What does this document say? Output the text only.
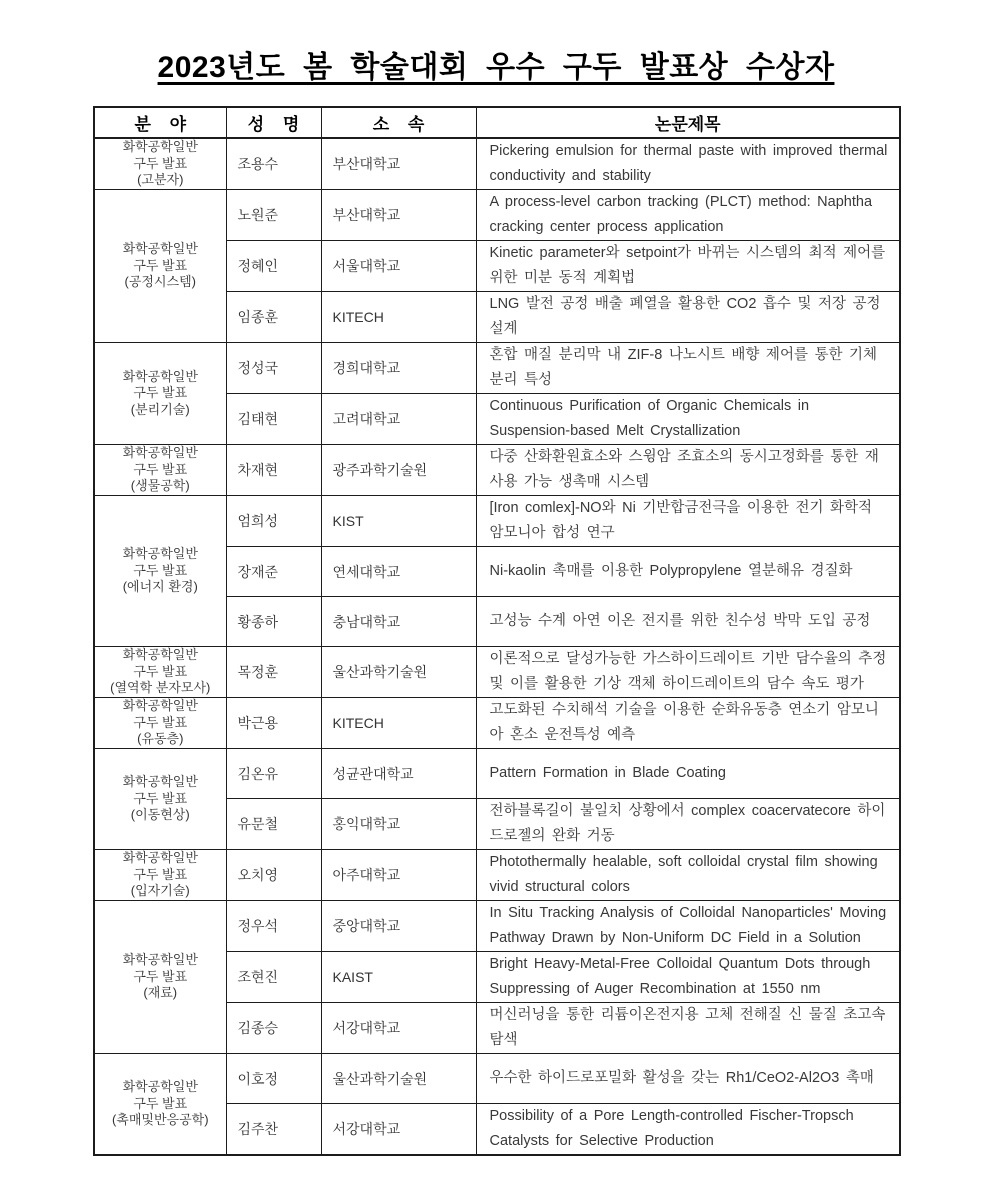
2023년도 봄 학술대회 우수 구두 발표상 수상자
분 야	성 명	소 속	논문제목

화학공학일반
구두 발표
(고분자)	조용수	부산대학교	Pickering emulsion for thermal paste with improved thermal conductivity and stability

화학공학일반
구두 발표
(공정시스템)	노원준	부산대학교	A process-level carbon tracking (PLCT) method: Naphtha cracking center process application
	정혜인	서울대학교	Kinetic parameter와 setpoint가 바뀌는 시스템의 최적 제어를 위한 미분 동적 계획법
	임종훈	KITECH	LNG 발전 공정 배출 폐열을 활용한 CO2 흡수 및 저장 공정 설계

화학공학일반
구두 발표
(분리기술)	정성국	경희대학교	혼합 매질 분리막 내 ZIF-8 나노시트 배향 제어를 통한 기체 분리 특성
	김태현	고려대학교	Continuous Purification of Organic Chemicals in Suspension-based Melt Crystallization

화학공학일반
구두 발표
(생물공학)	차재현	광주과학기술원	다중 산화환원효소와 스윙암 조효소의 동시고정화를 통한 재사용 가능 생촉매 시스템

화학공학일반
구두 발표
(에너지 환경)	엄희성	KIST	[Iron comlex]-NO와 Ni 기반합금전극을 이용한 전기 화학적 암모니아 합성 연구
	장재준	연세대학교	Ni-kaolin 촉매를 이용한 Polypropylene 열분해유 경질화
	황종하	충남대학교	고성능 수계 아연 이온 전지를 위한 친수성 박막 도입 공정

화학공학일반
구두 발표
(열역학 분자모사)	목정훈	울산과학기술원	이론적으로 달성가능한 가스하이드레이트 기반 담수율의 추정 및 이를 활용한 기상 객체 하이드레이트의 담수 속도 평가

화학공학일반
구두 발표
(유동층)	박근용	KITECH	고도화된 수치해석 기술을 이용한 순화유동층 연소기 암모니아 혼소 운전특성 예측

화학공학일반
구두 발표
(이동현상)	김온유	성균관대학교	Pattern Formation in Blade Coating
	유문철	홍익대학교	전하블록길이 불일치 상황에서 complex coacervatecore 하이드로젤의 완화 거동

화학공학일반
구두 발표
(입자기술)	오치영	아주대학교	Photothermally healable, soft colloidal crystal film showing vivid structural colors

화학공학일반
구두 발표
(재료)	정우석	중앙대학교	In Situ Tracking Analysis of Colloidal Nanoparticles' Moving Pathway Drawn by Non-Uniform DC Field in a Solution
	조현진	KAIST	Bright Heavy-Metal-Free Colloidal Quantum Dots through Suppressing of Auger Recombination at 1550 nm
	김종승	서강대학교	머신러닝을 통한 리튬이온전지용 고체 전해질 신 물질 초고속 탐색

화학공학일반
구두 발표
(촉매및반응공학)	이호정	울산과학기술원	우수한 하이드로포밀화 활성을 갖는 Rh1/CeO2-Al2O3 촉매
	김주찬	서강대학교	Possibility of a Pore Length-controlled Fischer-Tropsch Catalysts for Selective Production
